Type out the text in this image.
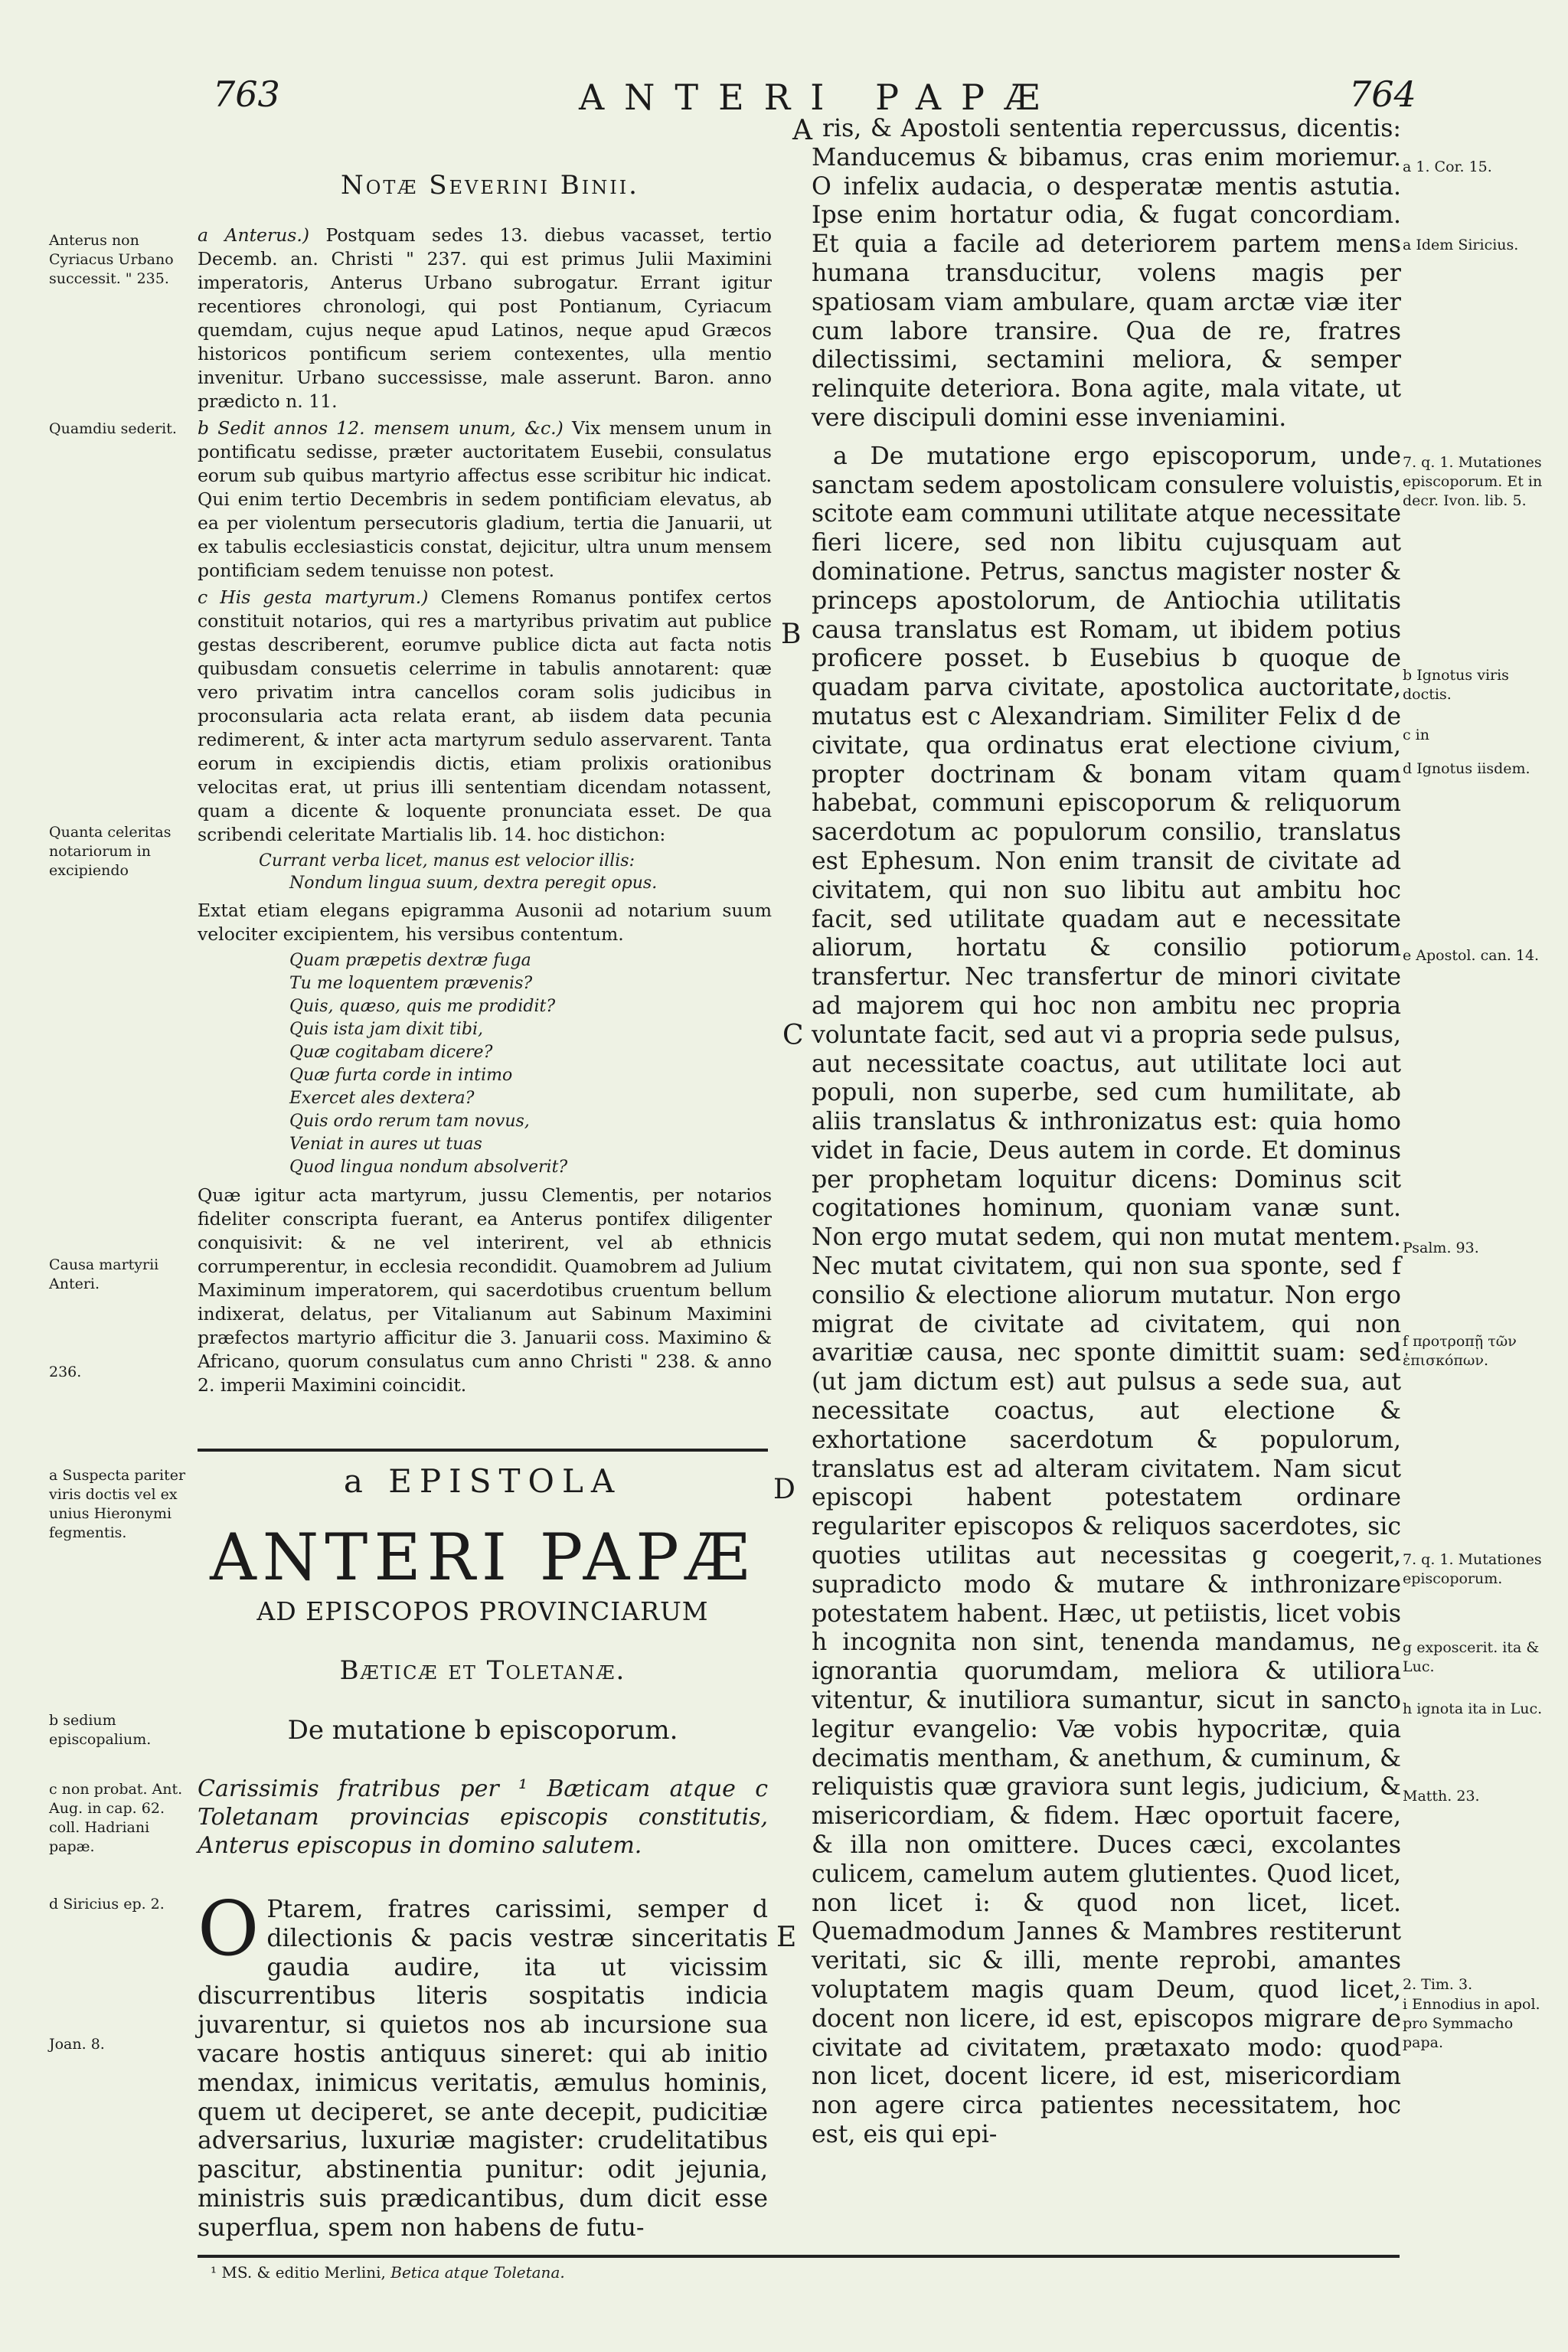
763	ANTERI PAPÆ	764
Notæ Severini Binii.

a Anterus.) Postquam sedes 13. diebus vacasset, tertio Decemb. an. Christi " 237. qui est primus Julii Maximini imperatoris, Anterus Urbano subrogatur. Errant igitur recentiores chronologi, qui post Pontianum, Cyriacum quemdam, cujus neque apud Latinos, neque apud Græcos historicos pontificum seriem contexentes, ulla mentio invenitur. Urbano successisse, male asserunt. Baron. anno prædicto n. 11.

b Sedit annos 12. mensem unum, &c.) Vix mensem unum in pontificatu sedisse, præter auctoritatem Eusebii, consulatus eorum sub quibus martyrio affectus esse scribitur hic indicat. Qui enim tertio Decembris in sedem pontificiam elevatus, ab ea per violentum persecutoris gladium, tertia die Januarii, ut ex tabulis ecclesiasticis constat, dejicitur, ultra unum mensem pontificiam sedem tenuisse non potest.

c His gesta martyrum.) Clemens Romanus pontifex certos constituit notarios, qui res a martyribus privatim aut publice gestas describerent, eorumve publice dicta aut facta notis quibusdam consuetis celerrime in tabulis annotarent: quæ vero privatim intra cancellos coram solis judicibus in proconsularia acta relata erant, ab iisdem data pecunia redimerent, & inter acta martyrum sedulo asservarent. Tanta eorum in excipiendis dictis, etiam prolixis orationibus velocitas erat, ut prius illi sententiam dicendam notassent, quam a dicente & loquente pronunciata esset. De qua scribendi celeritate Martialis lib. 14. hoc distichon:

Currant verba licet, manus est velocior illis:
Nondum lingua suum, dextra peregit opus.

Extat etiam elegans epigramma Ausonii ad notarium suum velociter excipientem, his versibus contentum.

Quam præpetis dextræ fuga
Tu me loquentem prævenis?
Quis, quæso, quis me prodidit?
Quis ista jam dixit tibi,
Quæ cogitabam dicere?
Quæ furta corde in intimo
Exercet ales dextera?
Quis ordo rerum tam novus,
Veniat in aures ut tuas
Quod lingua nondum absolverit?

Quæ igitur acta martyrum, jussu Clementis, per notarios fideliter conscripta fuerant, ea Anterus pontifex diligenter conquisivit: & ne vel interirent, vel ab ethnicis corrumperentur, in ecclesia recondidit. Quamobrem ad Julium Maximinum imperatorem, qui sacerdotibus cruentum bellum indixerat, delatus, per Vitalianum aut Sabinum Maximini præfectos martyrio afficitur die 3. Januarii coss. Maximino & Africano, quorum consulatus cum anno Christi " 238. & anno 2. imperii Maximini coincidit.

a EPISTOLA
ANTERI PAPÆ
AD EPISCOPOS PROVINCIARUM
Bæticæ et Toletanæ.
De mutatione b episcoporum.

Carissimis fratribus per ¹ Bæticam atque c Toletanam provincias episcopis constitutis, Anterus episcopus in domino salutem.

O Ptarem, fratres carissimi, semper d dilectionis & pacis vestræ sinceritatis gaudia audire, ita ut vicissim discurrentibus literis sospitatis indicia juvarentur, si quietos nos ab incursione sua vacare hostis antiquus sineret: qui ab initio mendax, inimicus veritatis, æmulus hominis, quem ut deciperet, se ante decepit, pudicitiæ adversarius, luxuriæ magister: crudelitatibus pascitur, abstinentia punitur: odit jejunia, ministris suis prædicantibus, dum dicit esse superflua, spem non habens de futu-

ris, & Apostoli sententia repercussus, dicentis: Manducemus & bibamus, cras enim moriemur. O infelix audacia, o desperatæ mentis astutia. Ipse enim hortatur odia, & fugat concordiam. Et quia a facile ad deteriorem partem mens humana transducitur, volens magis per spatiosam viam ambulare, quam arctæ viæ iter cum labore transire. Qua de re, fratres dilectissimi, sectamini meliora, & semper relinquite deteriora. Bona agite, mala vitate, ut vere discipuli domini esse inveniamini.

a De mutatione ergo episcoporum, unde sanctam sedem apostolicam consulere voluistis, scitote eam communi utilitate atque necessitate fieri licere, sed non libitu cujusquam aut dominatione. Petrus, sanctus magister noster & princeps apostolorum, de Antiochia utilitatis causa translatus est Romam, ut ibidem potius proficere posset. b Eusebius b quoque de quadam parva civitate, apostolica auctoritate, mutatus est c Alexandriam. Similiter Felix d de civitate, qua ordinatus erat electione civium, propter doctrinam & bonam vitam quam habebat, communi episcoporum & reliquorum sacerdotum ac populorum consilio, translatus est Ephesum. Non enim transit de civitate ad civitatem, qui non suo libitu aut ambitu hoc facit, sed utilitate quadam aut e necessitate aliorum, hortatu & consilio potiorum transfertur. Nec transfertur de minori civitate ad majorem qui hoc non ambitu nec propria voluntate facit, sed aut vi a propria sede pulsus, aut necessitate coactus, aut utilitate loci aut populi, non superbe, sed cum humilitate, ab aliis translatus & inthronizatus est: quia homo videt in facie, Deus autem in corde. Et dominus per prophetam loquitur dicens: Dominus scit cogitationes hominum, quoniam vanæ sunt. Non ergo mutat sedem, qui non mutat mentem. Nec mutat civitatem, qui non sua sponte, sed f consilio & electione aliorum mutatur. Non ergo migrat de civitate ad civitatem, qui non avaritiæ causa, nec sponte dimittit suam: sed (ut jam dictum est) aut pulsus a sede sua, aut necessitate coactus, aut electione & exhortatione sacerdotum & populorum, translatus est ad alteram civitatem. Nam sicut episcopi habent potestatem ordinare regulariter episcopos & reliquos sacerdotes, sic quoties utilitas aut necessitas g coegerit, supradicto modo & mutare & inthronizare potestatem habent. Hæc, ut petiistis, licet vobis h incognita non sint, tenenda mandamus, ne ignorantia quorumdam, meliora & utiliora vitentur, & inutiliora sumantur, sicut in sancto legitur evangelio: Væ vobis hypocritæ, quia decimatis mentham, & anethum, & cuminum, & reliquistis quæ graviora sunt legis, judicium, & misericordiam, & fidem. Hæc oportuit facere, & illa non omittere. Duces cæci, excolantes culicem, camelum autem glutientes. Quod licet, non licet i: & quod non licet, licet. Quemadmodum Jannes & Mambres restiterunt veritati, sic & illi, mente reprobi, amantes voluptatem magis quam Deum, quod licet, docent non licere, id est, episcopos migrare de civitate ad civitatem, prætaxato modo: quod non licet, docent licere, id est, misericordiam non agere circa patientes necessitatem, hoc est, eis qui epi-

A
B
C
D
E
Anterus non Cyriacus Urbano successit. " 235.
Quamdiu sederit.
Quanta celeritas notariorum in excipiendo
Causa martyrii Anteri.
236.
a Suspecta pariter viris doctis vel ex unius Hieronymi fegmentis.
b sedium episcopalium.
c non probat. Ant. Aug. in cap. 62. coll. Hadriani papæ.
d Siricius ep. 2.
Joan. 8.
a 1. Cor. 15.
a Idem Siricius.
7. q. 1. Mutationes episcoporum. Et in decr. Ivon. lib. 5.
b Ignotus viris doctis.
c in
d Ignotus iisdem.
e Apostol. can. 14.
Psalm. 93.
f προτροπῇ τῶν ἐπισκόπων.
7. q. 1. Mutationes episcoporum.
g exposcerit. ita & Luc.
h ignota ita in Luc.
Matth. 23.
2. Tim. 3.
i Ennodius in apol. pro Symmacho papa.
¹ MS. & editio Merlini, Betica atque Toletana.
